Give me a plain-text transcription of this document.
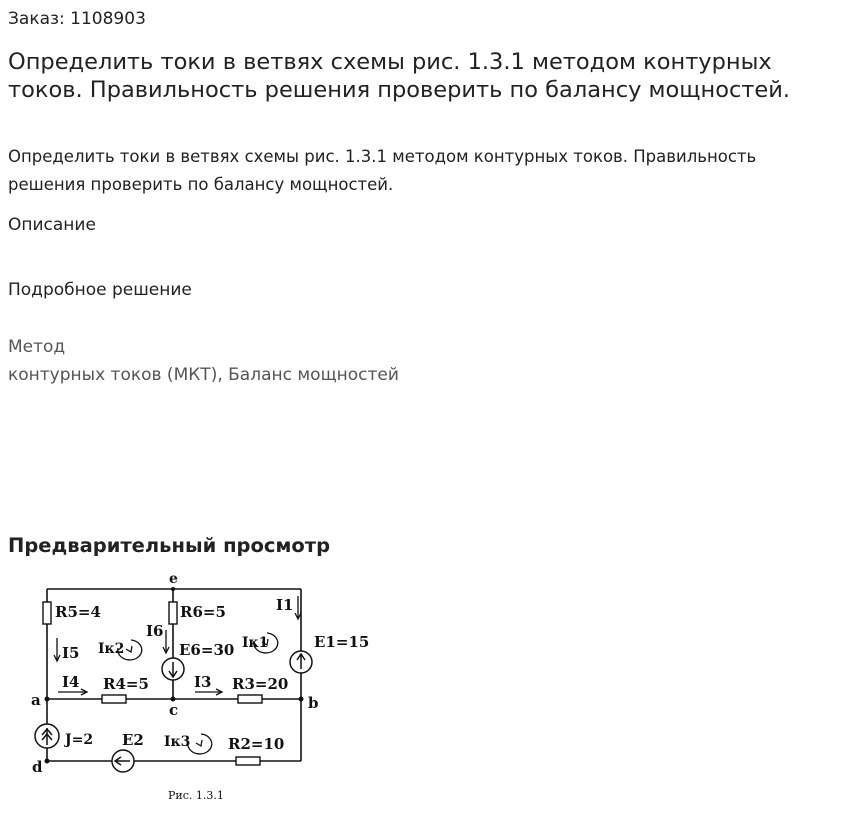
Заказ: 1108903
Определить токи в ветвях схемы рис. 1.3.1 методом контурных токов. Правильность решения проверить по балансу мощностей.
Определить токи в ветвях схемы рис. 1.3.1 методом контурных токов. Правильность решения проверить по балансу мощностей.
Описание
Подробное решение
Метод
контурных токов (МКТ), Баланс мощностей
Предварительный просмотр
e
a	b
c
d
R5=4	R6=5
R4=5	R3=20
R2=10
E6=30	E1=15
E2
J=2
I1
I5
I6
I4	I3
Iк2	Iк1
Iк3
Рис. 1.3.1
